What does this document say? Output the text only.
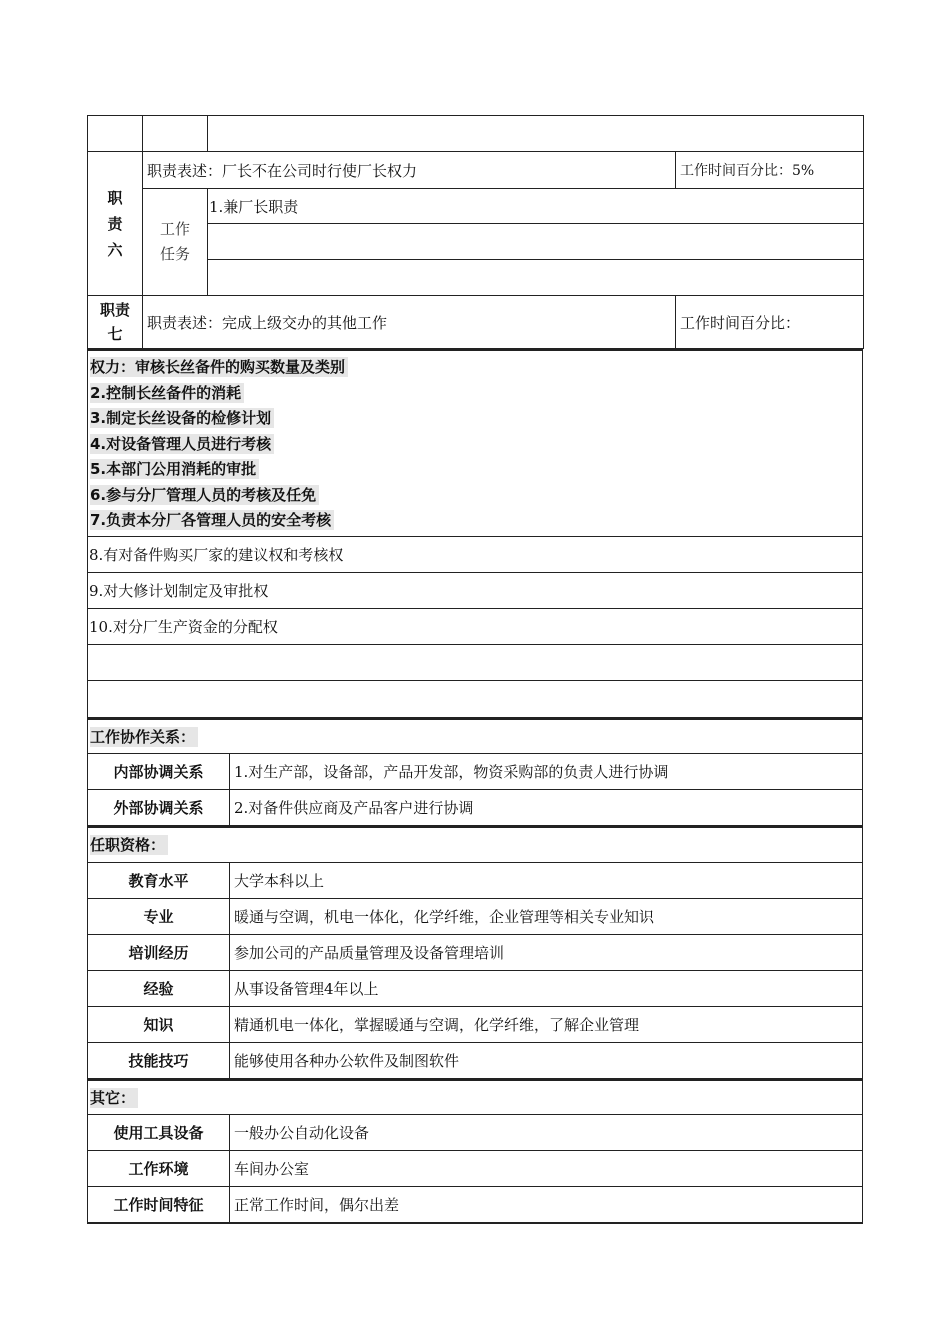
职
责
六	职责表述：厂长不在公司时行使厂长权力		工作时间百分比：5%
	工作
任务	1.兼厂长职责	

职责
七	职责表述：完成上级交办的其他工作		工作时间百分比：
权力：审核长丝备件的购买数量及类别
2.控制长丝备件的消耗
3.制定长丝设备的检修计划
4.对设备管理人员进行考核
5.本部门公用消耗的审批
6.参与分厂管理人员的考核及任免
7.负责本分厂各管理人员的安全考核

8.有对备件购买厂家的建议权和考核权
9.对大修计划制定及审批权
10.对分厂生产资金的分配权

工作协作关系：	
内部协调关系	1.对生产部，设备部，产品开发部，物资采购部的负责人进行协调
外部协调关系	2.对备件供应商及产品客户进行协调
任职资格：	
教育水平	大学本科以上
专业	暖通与空调，机电一体化，化学纤维，企业管理等相关专业知识
培训经历	参加公司的产品质量管理及设备管理培训
经验	从事设备管理4年以上
知识	精通机电一体化，掌握暖通与空调，化学纤维，了解企业管理
技能技巧	能够使用各种办公软件及制图软件
其它：	
使用工具设备	一般办公自动化设备
工作环境	车间办公室
工作时间特征	正常工作时间，偶尔出差
